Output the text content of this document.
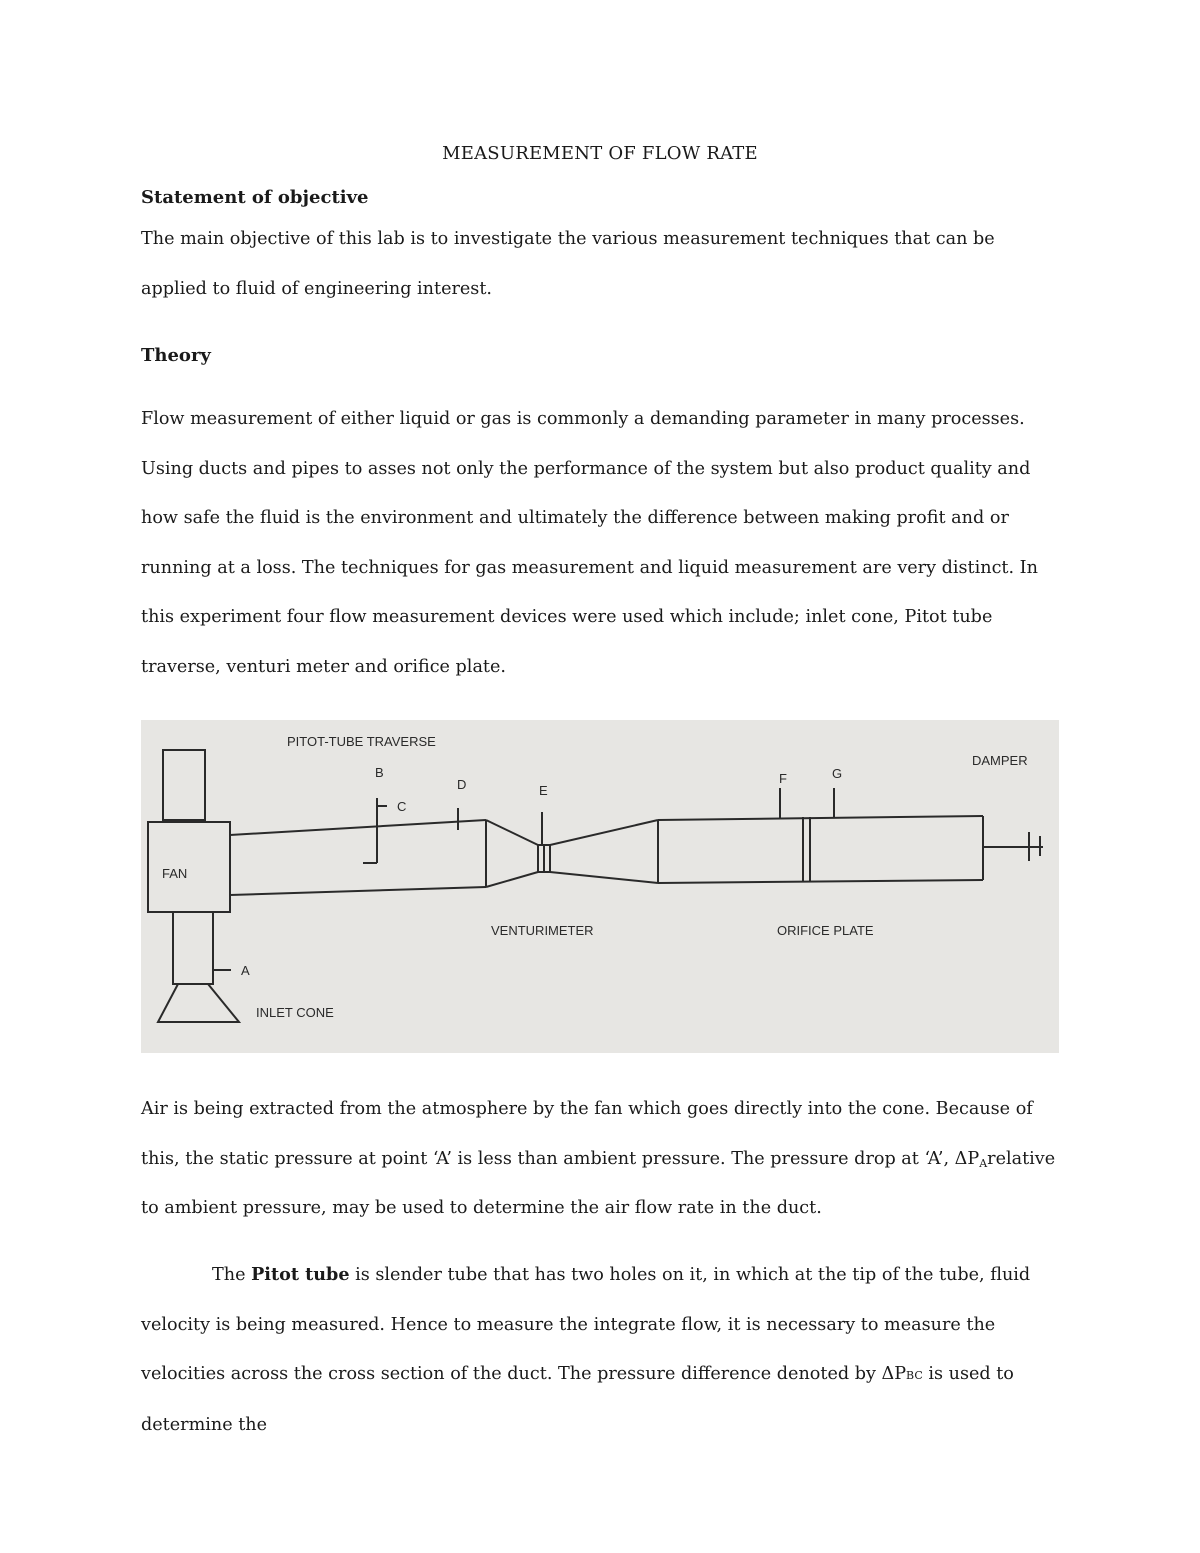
MEASUREMENT OF FLOW RATE
Statement of objective

The main objective of this lab is to investigate the various measurement techniques that can be applied to fluid of engineering interest.

Theory

Flow measurement of either liquid or gas is commonly a demanding parameter in many processes. Using ducts and pipes to asses not only the performance of the system but also product quality and how safe the fluid is the environment and ultimately the difference between making profit and or running at a loss. The techniques for gas measurement and liquid measurement are very distinct. In this experiment four flow measurement devices were used which include; inlet cone, Pitot tube traverse, venturi meter and orifice plate.

PITOT-TUBE TRAVERSE
FAN
INLET CONE
VENTURIMETER	ORIFICE PLATE
DAMPER
A
B
C
D	E
F	G

Air is being extracted from the atmosphere by the fan which goes directly into the cone. Because of this, the static pressure at point ‘A’ is less than ambient pressure. The pressure drop at ‘A’, $\Delta P_Arelative$ to ambient pressure, may be used to determine the air flow rate in the duct.

The Pitot tube is slender tube that has two holes on it, in which at the tip of the tube, fluid velocity is being measured. Hence to measure the integrate flow, it is necessary to measure the velocities across the cross section of the duct. The pressure difference denoted by ΔPBC is used to determine the
